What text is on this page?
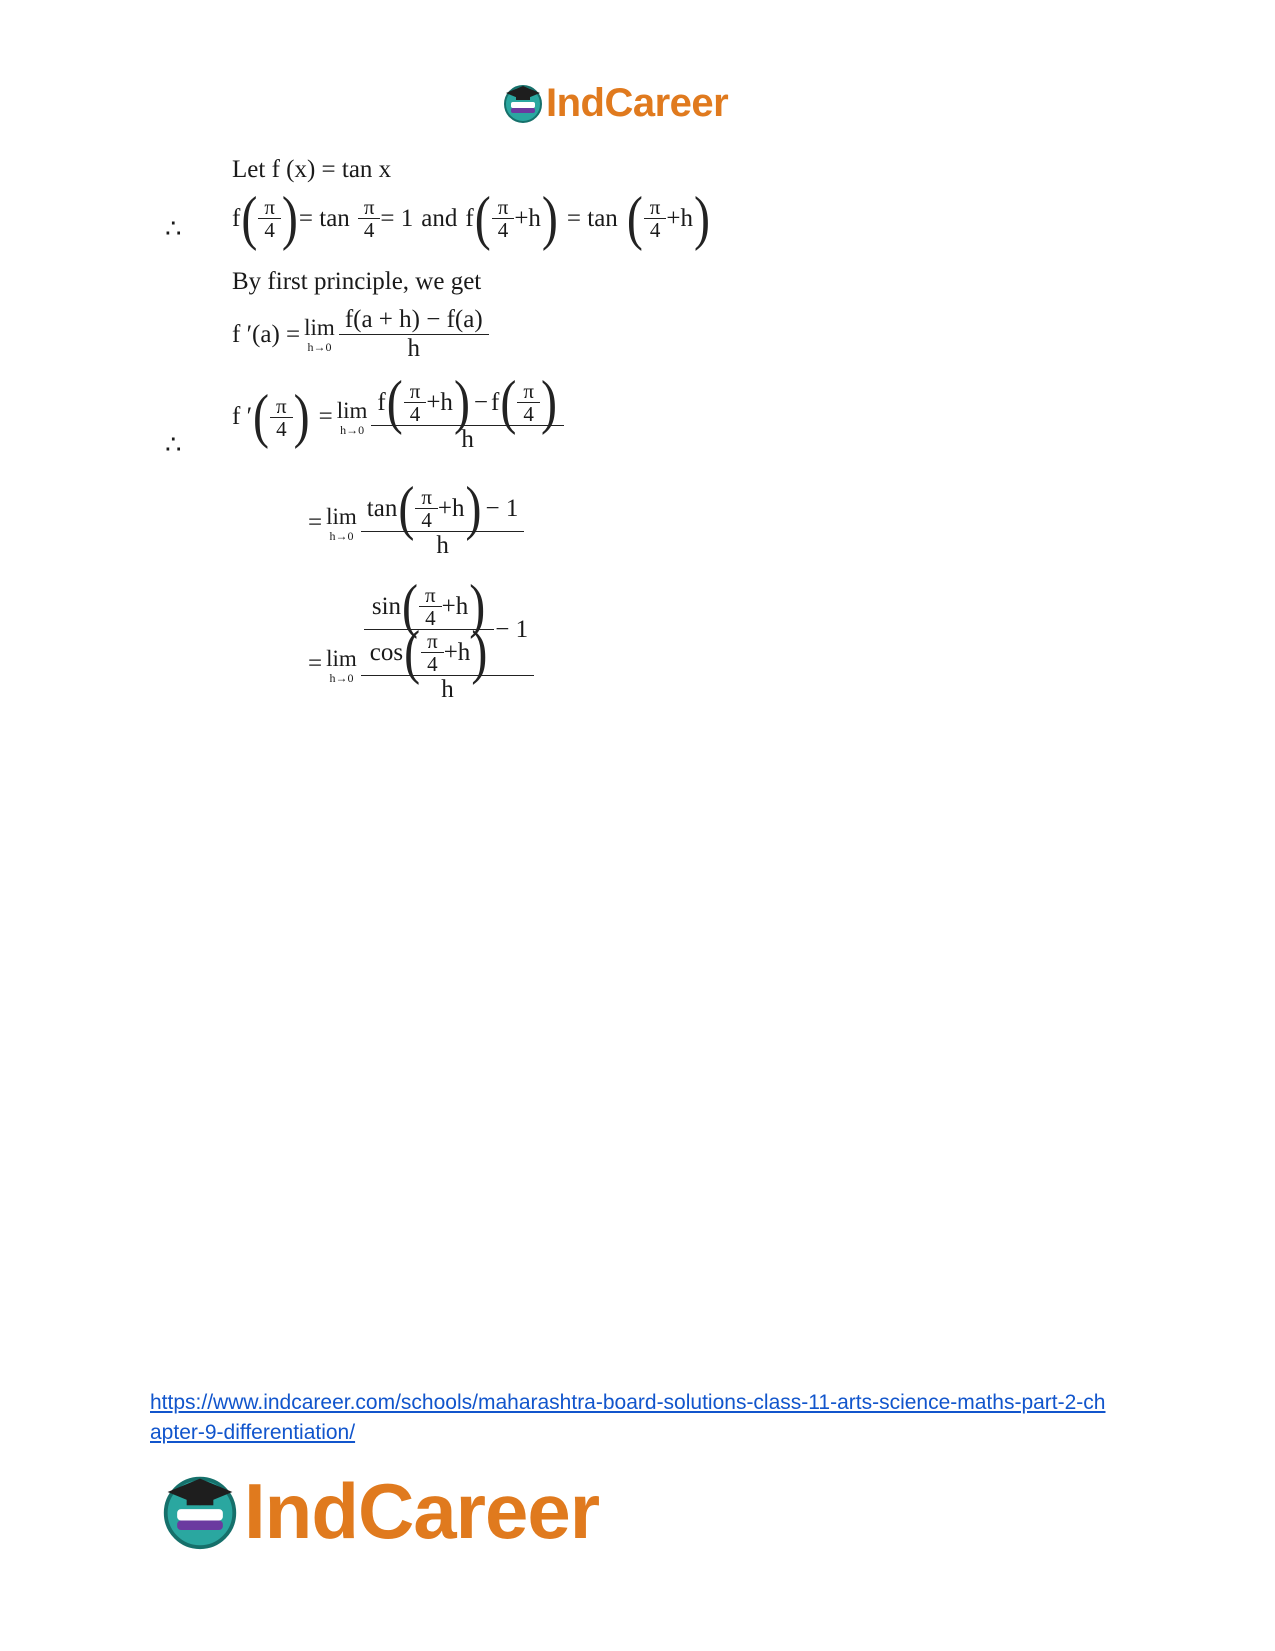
IndCareer
Let f (x) = tan x
∴ f ( $\frac{\pi}{4}$ ) = $\tan \frac{\pi}{4} = 1$ and f ( $\frac{\pi}{4} +h$ ) = tan ( $\frac{\pi}{4} +h$ )
By first principle, we get
f ′(a) = lim
$h\to 0 \frac{f(a + h) - f(a)}{h}$
∴
f ′ ( $\frac{\pi}{4}$ ) = lim
h→0
f ( $\frac{\pi}{4} +h$ ) − f ( $\frac{\pi}{4}$ )
h
= lim
$h\to 0 \frac{\tan ( \frac{\pi}{4} +h ) - 1}{h}$
= lim
h→0
sin ( $\frac{\pi}{4} +h$ )
cos ( $\frac{\pi}{4} +h$ ) − 1
h
https://www.indcareer.com/schools/maharashtra-board-solutions-class-11-arts-science-maths-part-2-chapter-9-differentiation/
IndCareer
